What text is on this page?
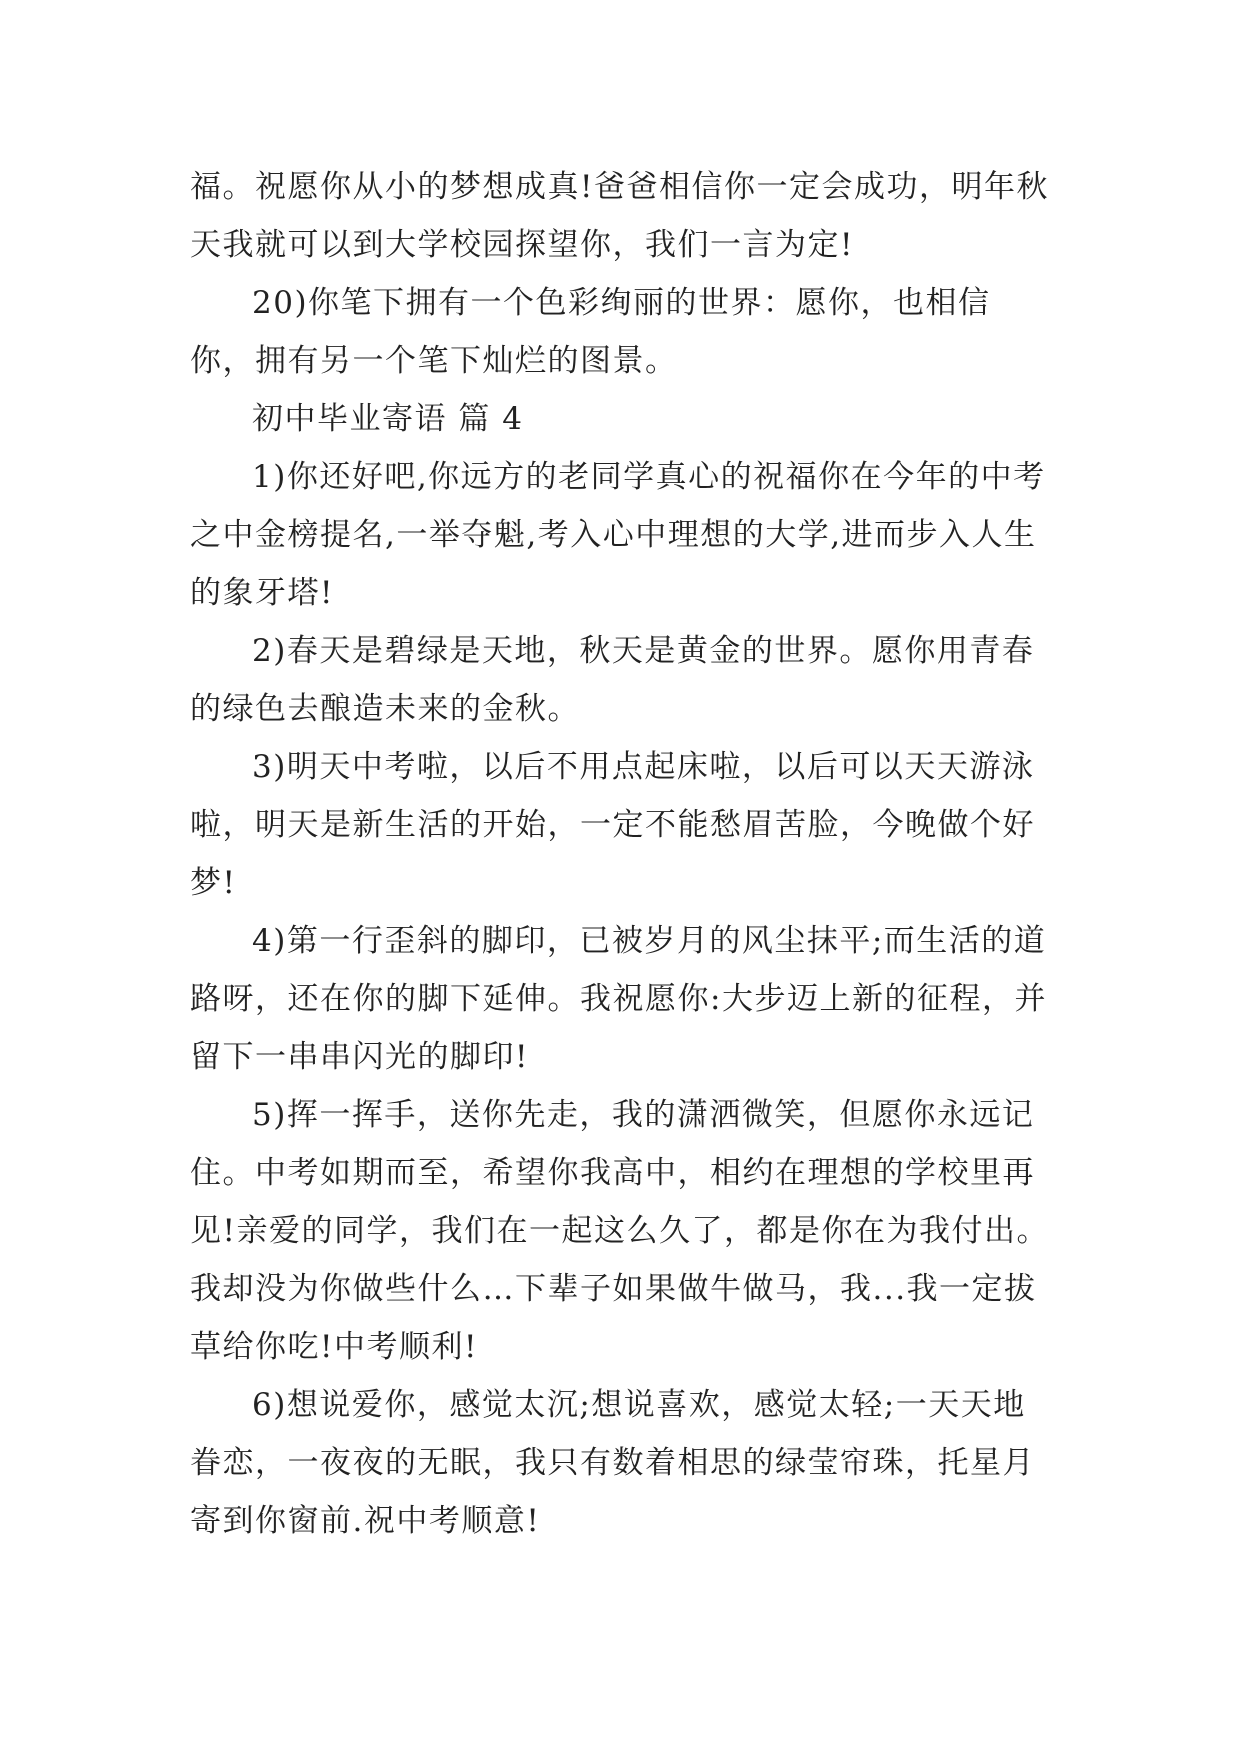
福。祝愿你从小的梦想成真!爸爸相信你一定会成功，明年秋天我就可以到大学校园探望你，我们一言为定!

20)你笔下拥有一个色彩绚丽的世界：愿你，也相信你，拥有另一个笔下灿烂的图景。

初中毕业寄语 篇 4

1)你还好吧,你远方的老同学真心的祝福你在今年的中考之中金榜提名,一举夺魁,考入心中理想的大学,进而步入人生的象牙塔!

2)春天是碧绿是天地，秋天是黄金的世界。愿你用青春的绿色去酿造未来的金秋。

3)明天中考啦，以后不用点起床啦，以后可以天天游泳啦，明天是新生活的开始，一定不能愁眉苦脸，今晚做个好梦!

4)第一行歪斜的脚印，已被岁月的风尘抹平;而生活的道路呀，还在你的脚下延伸。我祝愿你:大步迈上新的征程，并留下一串串闪光的脚印!

5)挥一挥手，送你先走，我的潇洒微笑，但愿你永远记住。中考如期而至，希望你我高中，相约在理想的学校里再见!亲爱的同学，我们在一起这么久了，都是你在为我付出。我却没为你做些什么…下辈子如果做牛做马，我...我一定拔草给你吃!中考顺利!

6)想说爱你，感觉太沉;想说喜欢，感觉太轻;一天天地眷恋，一夜夜的无眠，我只有数着相思的绿莹帘珠，托星月寄到你窗前.祝中考顺意!
